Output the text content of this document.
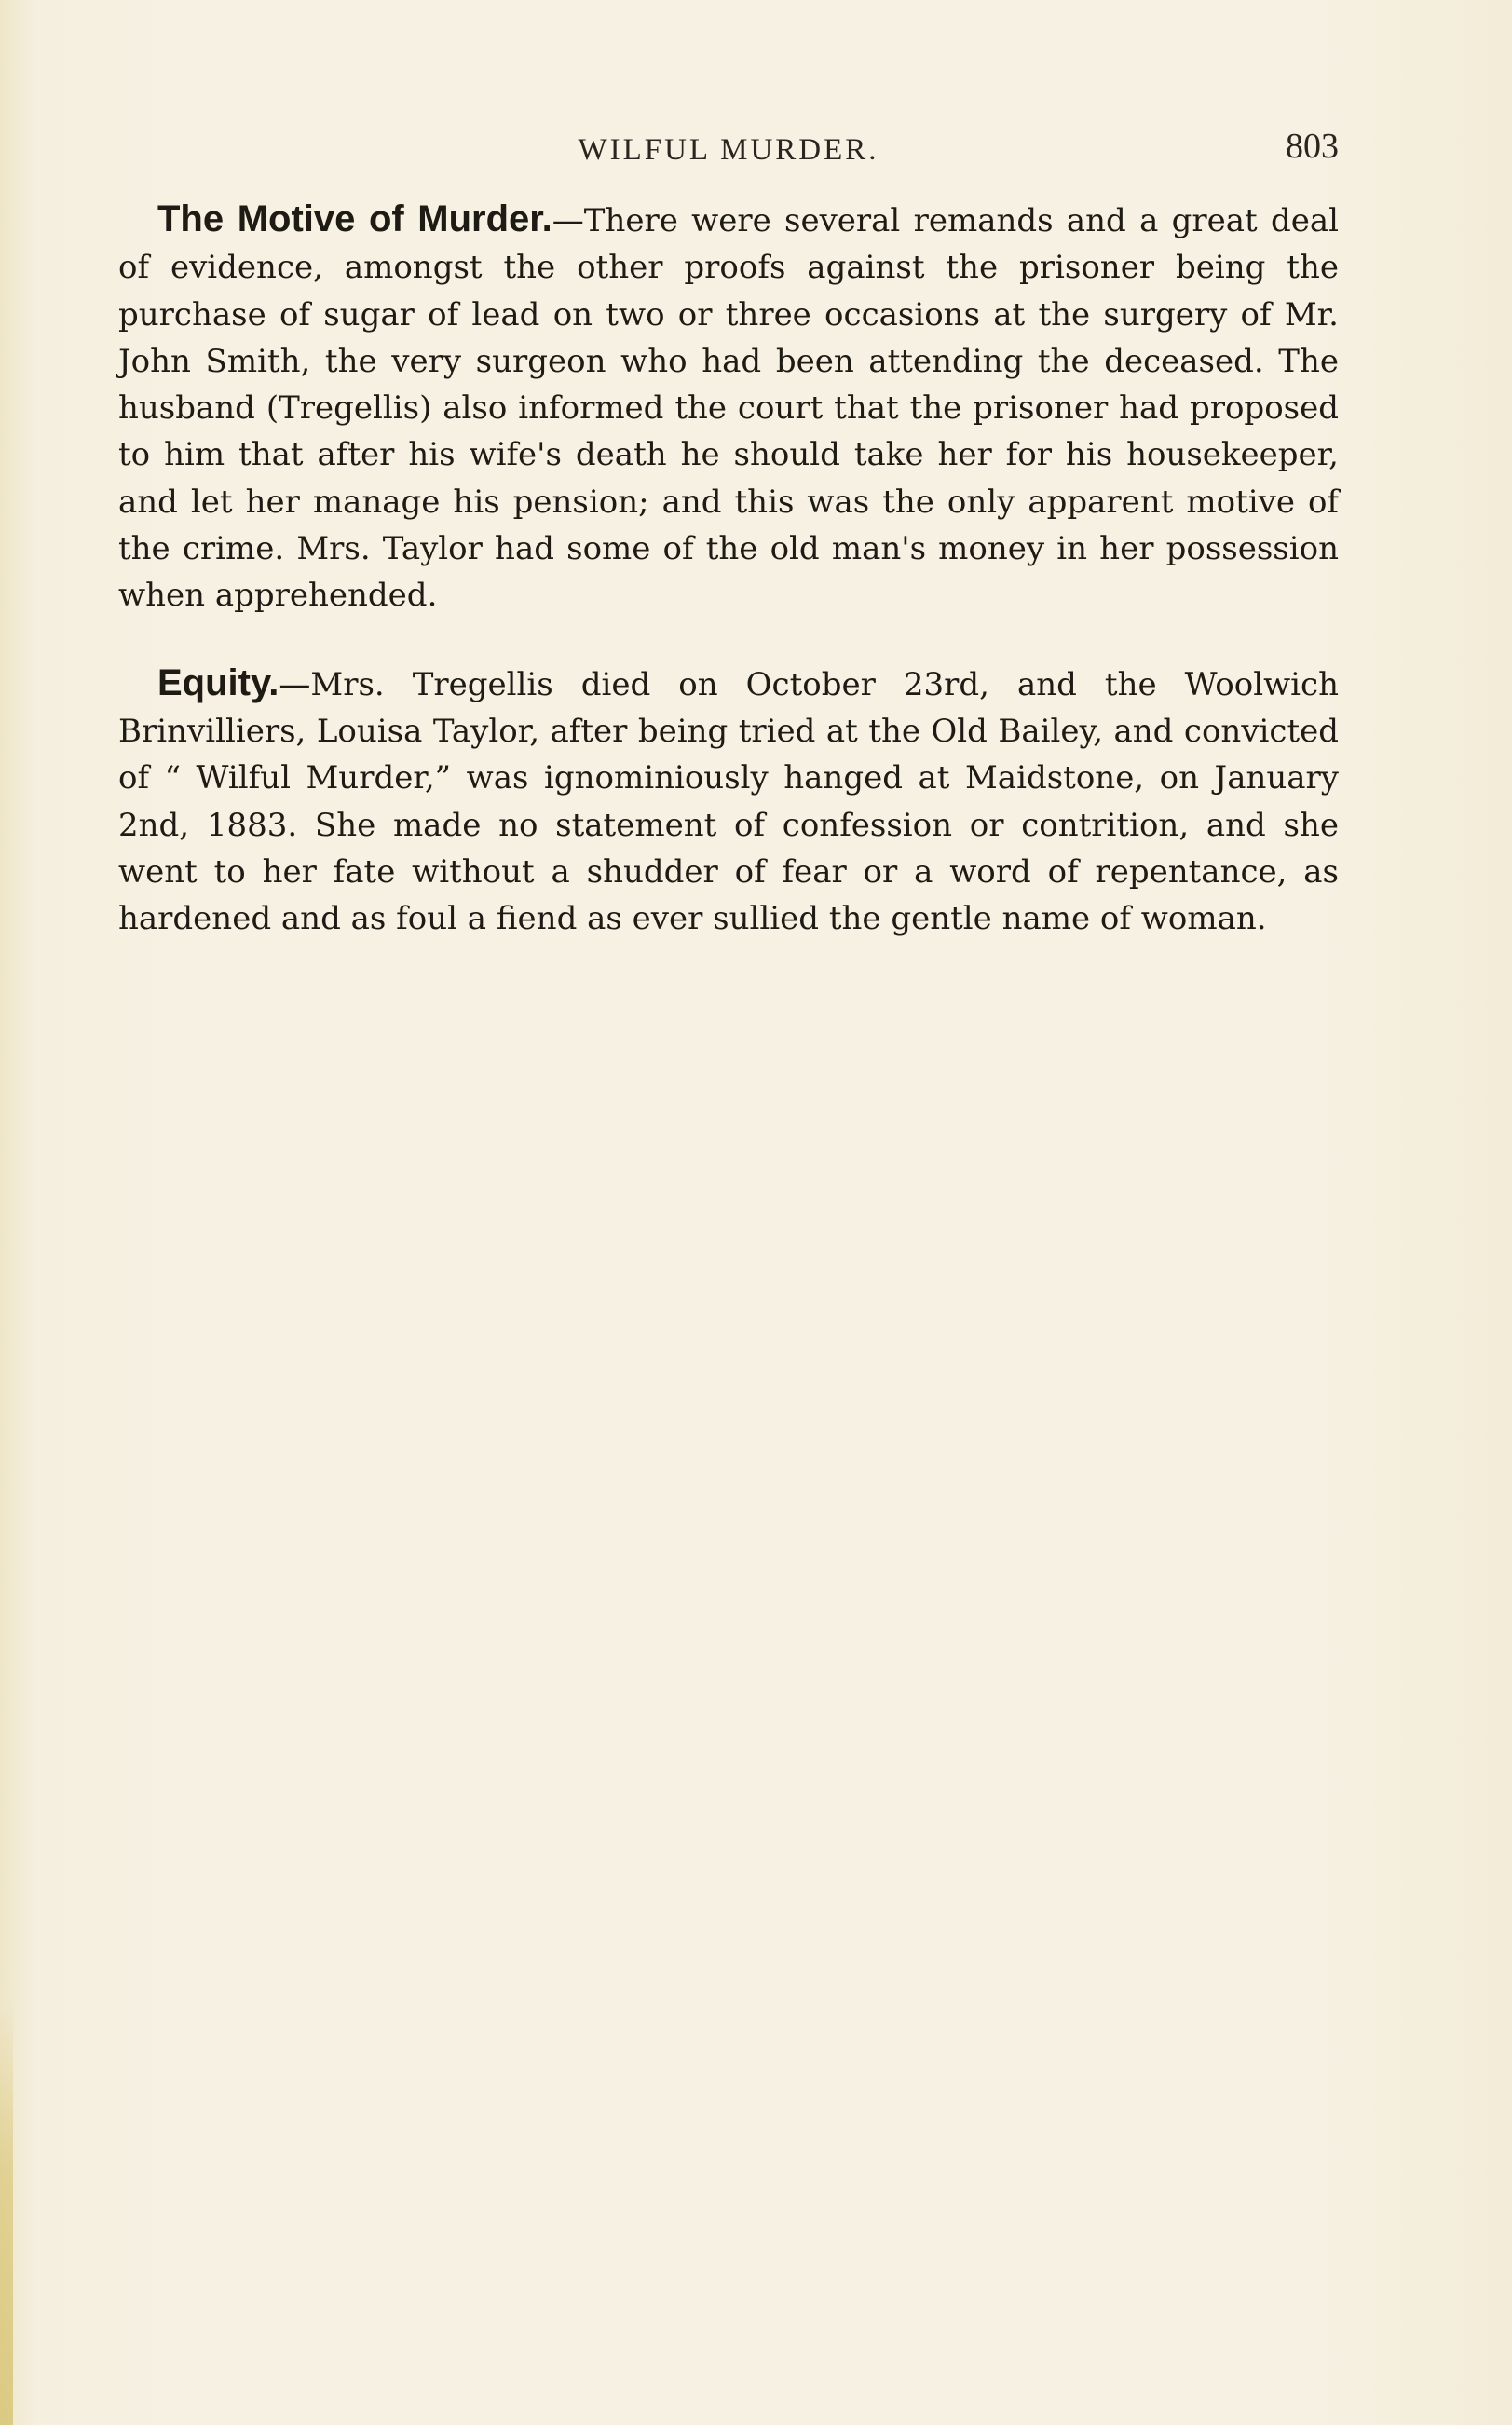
WILFUL MURDER.	803

The Motive of Murder.—There were several remands and a great deal of evidence, amongst the other proofs against the prisoner being the purchase of sugar of lead on two or three occasions at the surgery of Mr. John Smith, the very surgeon who had been attending the deceased. The husband (Tregellis) also informed the court that the prisoner had proposed to him that after his wife's death he should take her for his housekeeper, and let her manage his pension; and this was the only apparent motive of the crime. Mrs. Taylor had some of the old man's money in her possession when apprehended.

Equity.—Mrs. Tregellis died on October 23rd, and the Woolwich Brinvilliers, Louisa Taylor, after being tried at the Old Bailey, and convicted of “ Wilful Murder,” was ignominiously hanged at Maidstone, on January 2nd, 1883. She made no statement of confession or contrition, and she went to her fate without a shudder of fear or a word of repentance, as hardened and as foul a fiend as ever sullied the gentle name of woman.
